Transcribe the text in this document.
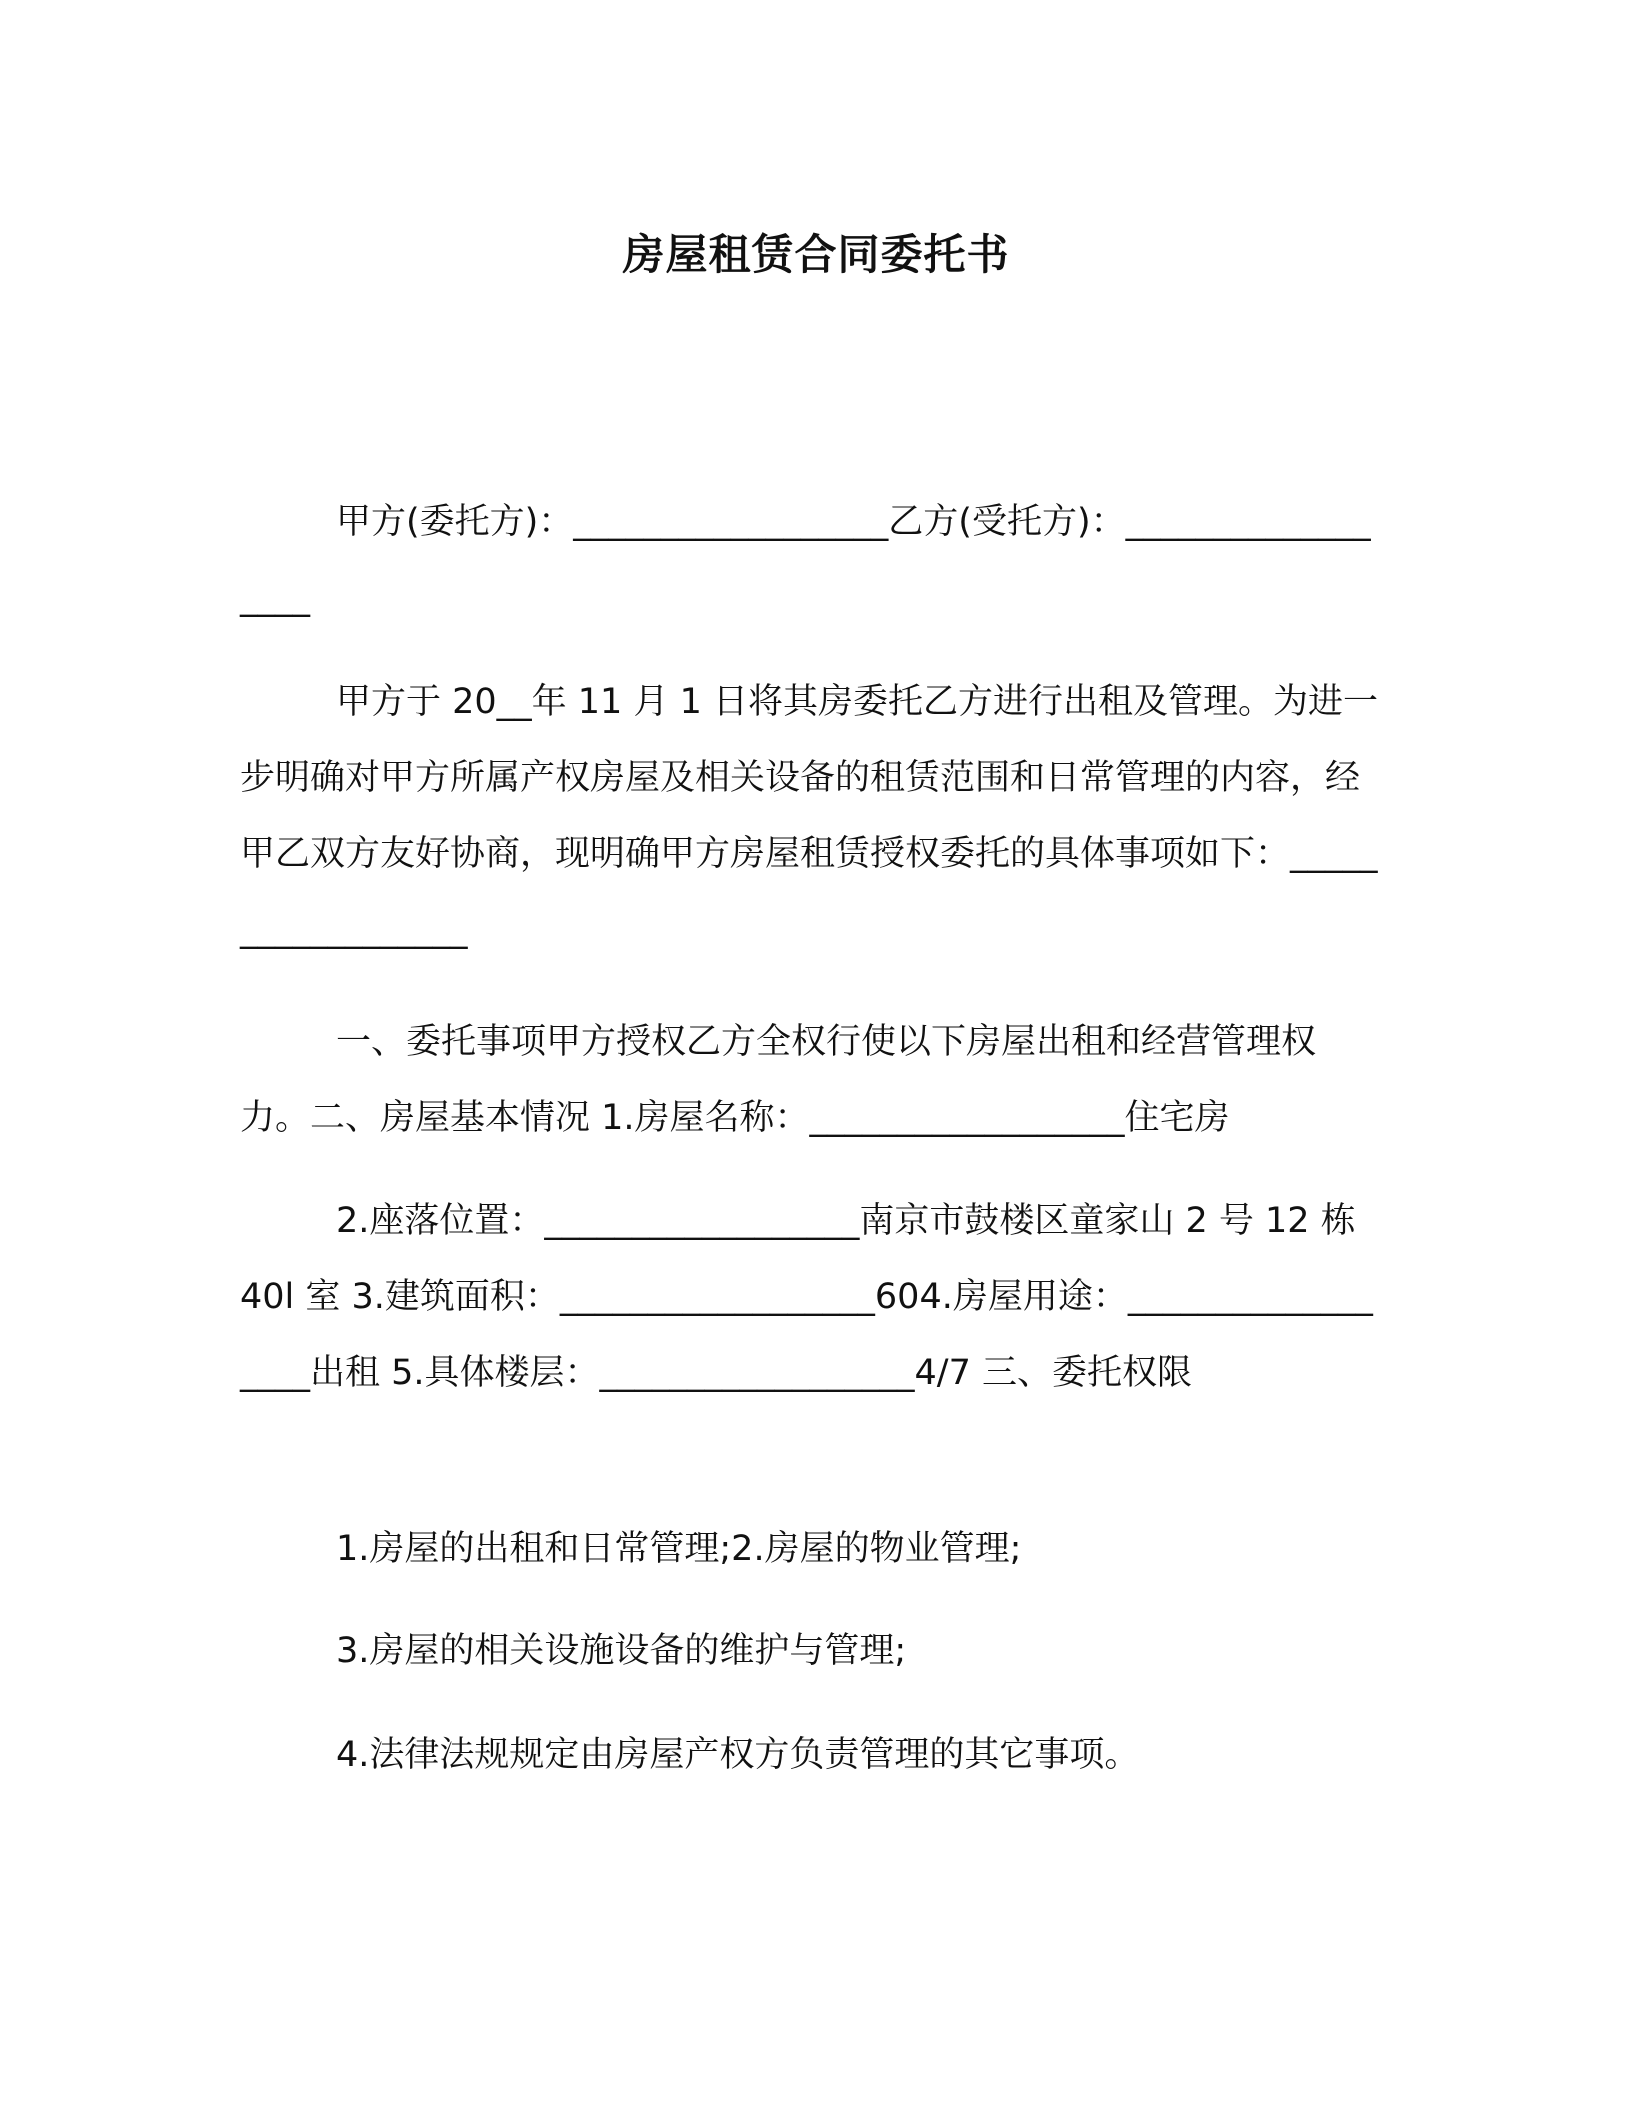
房屋租赁合同委托书

甲方(委托方)：__________________乙方(受托方)：__________________

甲方于 20__年 11 月 1 日将其房委托乙方进行出租及管理。为进一步明确对甲方所属产权房屋及相关设备的租赁范围和日常管理的内容，经甲乙双方友好协商，现明确甲方房屋租赁授权委托的具体事项如下：__________________

一、委托事项甲方授权乙方全权行使以下房屋出租和经营管理权力。二、房屋基本情况 1.房屋名称：__________________住宅房

2.座落位置：__________________南京市鼓楼区童家山 2 号 12 栋 40l 室 3.建筑面积：__________________604.房屋用途：__________________出租 5.具体楼层：__________________4/7 三、委托权限

1.房屋的出租和日常管理;2.房屋的物业管理;

3.房屋的相关设施设备的维护与管理;

4.法律法规规定由房屋产权方负责管理的其它事项。
